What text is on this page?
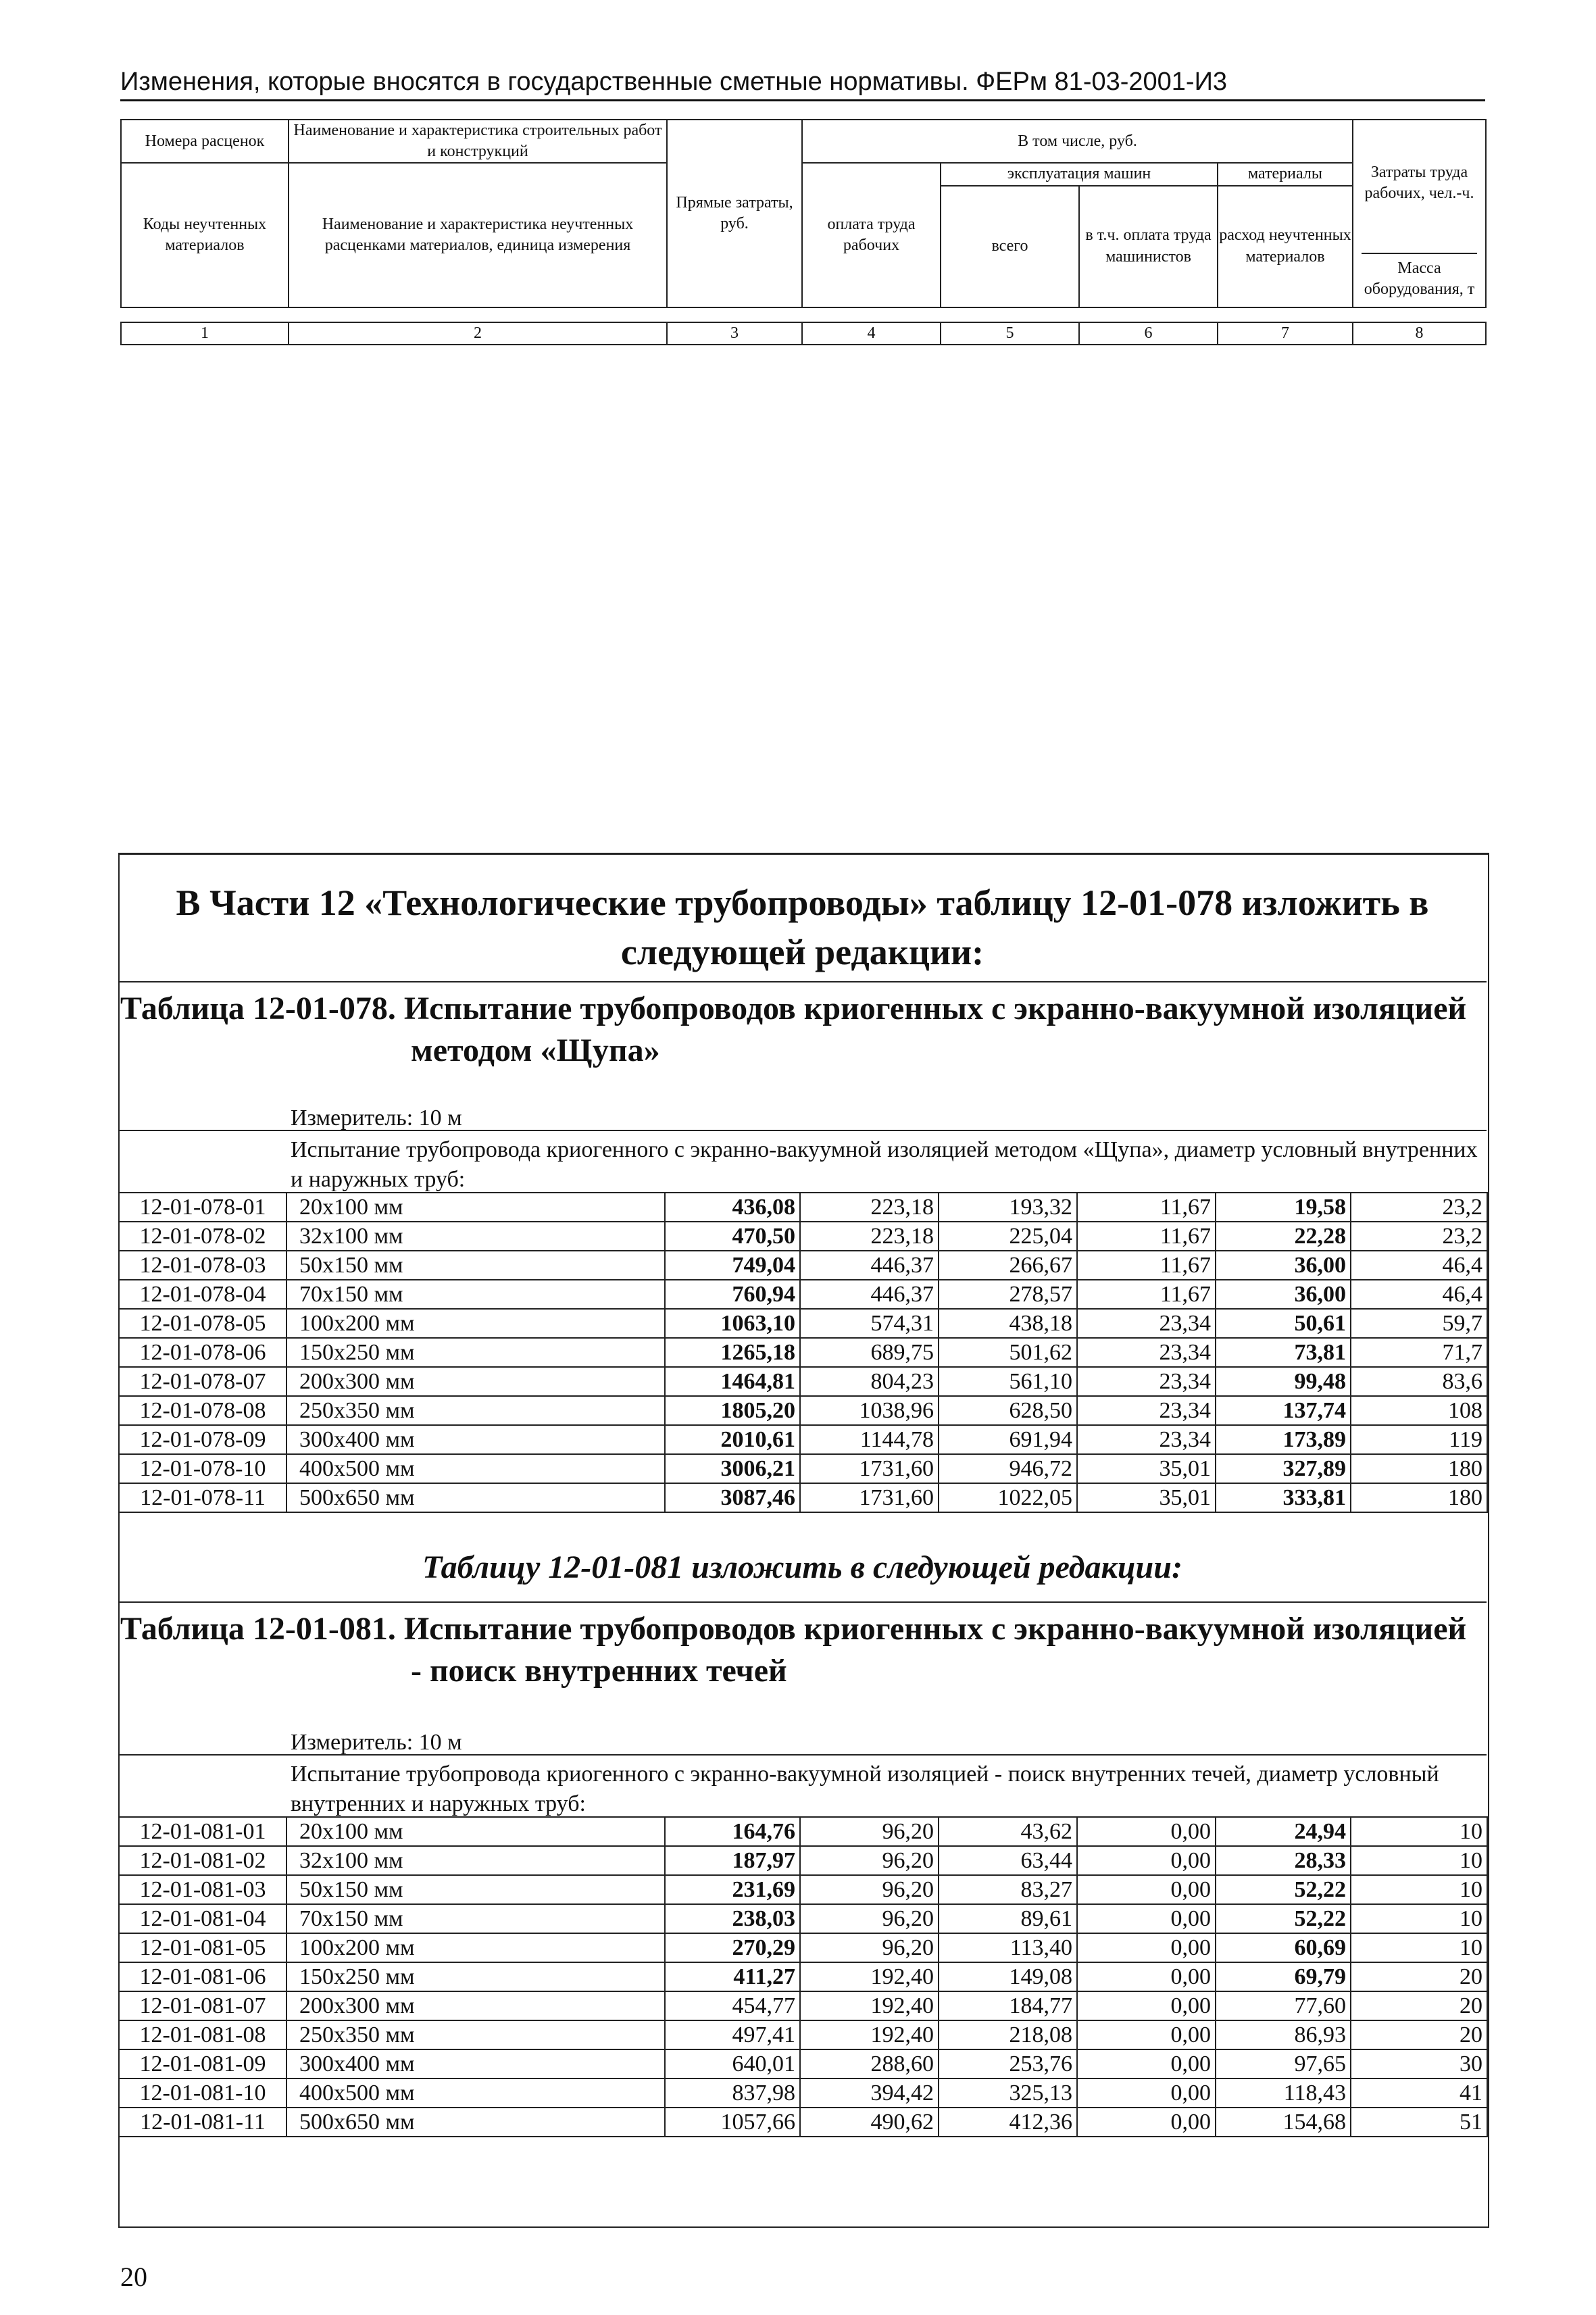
Изменения, которые вносятся в государственные сметные нормативы. ФЕРм 81-03-2001-И3
Номера расценок	Наименование и характеристика строительных работ и конструкций	Прямые затраты, руб.	В том числе, руб.				Затраты труда рабочих, чел.-ч.
Коды неучтенных материалов	Наименование и характеристика неучтенных расценками материалов, единица измерения		оплата труда рабочих	эксплуатация машин		материалы	
				всего	в т.ч. оплата труда машинистов	расход неучтенных материалов	

							Масса оборудования, т

1	2	3	4	5	6	7	8
В Части 12 «Технологические трубопроводы» таблицу 12-01-078 изложить в следующей редакции:
Таблица 12-01-078. Испытание трубопроводов криогенных с экранно-вакуумной изоляцией
методом «Щупа»
Измеритель: 10 м
Испытание трубопровода криогенного с экранно-вакуумной изоляцией методом «Щупа», диаметр условный внутренних и наружных труб:
12-01-078-01	20х100 мм	436,08	223,18	193,32	11,67	19,58	23,2
12-01-078-02	32х100 мм	470,50	223,18	225,04	11,67	22,28	23,2
12-01-078-03	50х150 мм	749,04	446,37	266,67	11,67	36,00	46,4
12-01-078-04	70х150 мм	760,94	446,37	278,57	11,67	36,00	46,4
12-01-078-05	100х200 мм	1063,10	574,31	438,18	23,34	50,61	59,7
12-01-078-06	150х250 мм	1265,18	689,75	501,62	23,34	73,81	71,7
12-01-078-07	200х300 мм	1464,81	804,23	561,10	23,34	99,48	83,6
12-01-078-08	250х350 мм	1805,20	1038,96	628,50	23,34	137,74	108
12-01-078-09	300х400 мм	2010,61	1144,78	691,94	23,34	173,89	119
12-01-078-10	400х500 мм	3006,21	1731,60	946,72	35,01	327,89	180
12-01-078-11	500х650 мм	3087,46	1731,60	1022,05	35,01	333,81	180
Таблицу 12-01-081 изложить в следующей редакции:
Таблица 12-01-081. Испытание трубопроводов криогенных с экранно-вакуумной изоляцией
- поиск внутренних течей
Измеритель: 10 м
Испытание трубопровода криогенного с экранно-вакуумной изоляцией - поиск внутренних течей, диаметр условный внутренних и наружных труб:
12-01-081-01	20х100 мм	164,76	96,20	43,62	0,00	24,94	10
12-01-081-02	32х100 мм	187,97	96,20	63,44	0,00	28,33	10
12-01-081-03	50х150 мм	231,69	96,20	83,27	0,00	52,22	10
12-01-081-04	70х150 мм	238,03	96,20	89,61	0,00	52,22	10
12-01-081-05	100х200 мм	270,29	96,20	113,40	0,00	60,69	10
12-01-081-06	150х250 мм	411,27	192,40	149,08	0,00	69,79	20
12-01-081-07	200х300 мм	454,77	192,40	184,77	0,00	77,60	20
12-01-081-08	250х350 мм	497,41	192,40	218,08	0,00	86,93	20
12-01-081-09	300х400 мм	640,01	288,60	253,76	0,00	97,65	30
12-01-081-10	400х500 мм	837,98	394,42	325,13	0,00	118,43	41
12-01-081-11	500х650 мм	1057,66	490,62	412,36	0,00	154,68	51
20
